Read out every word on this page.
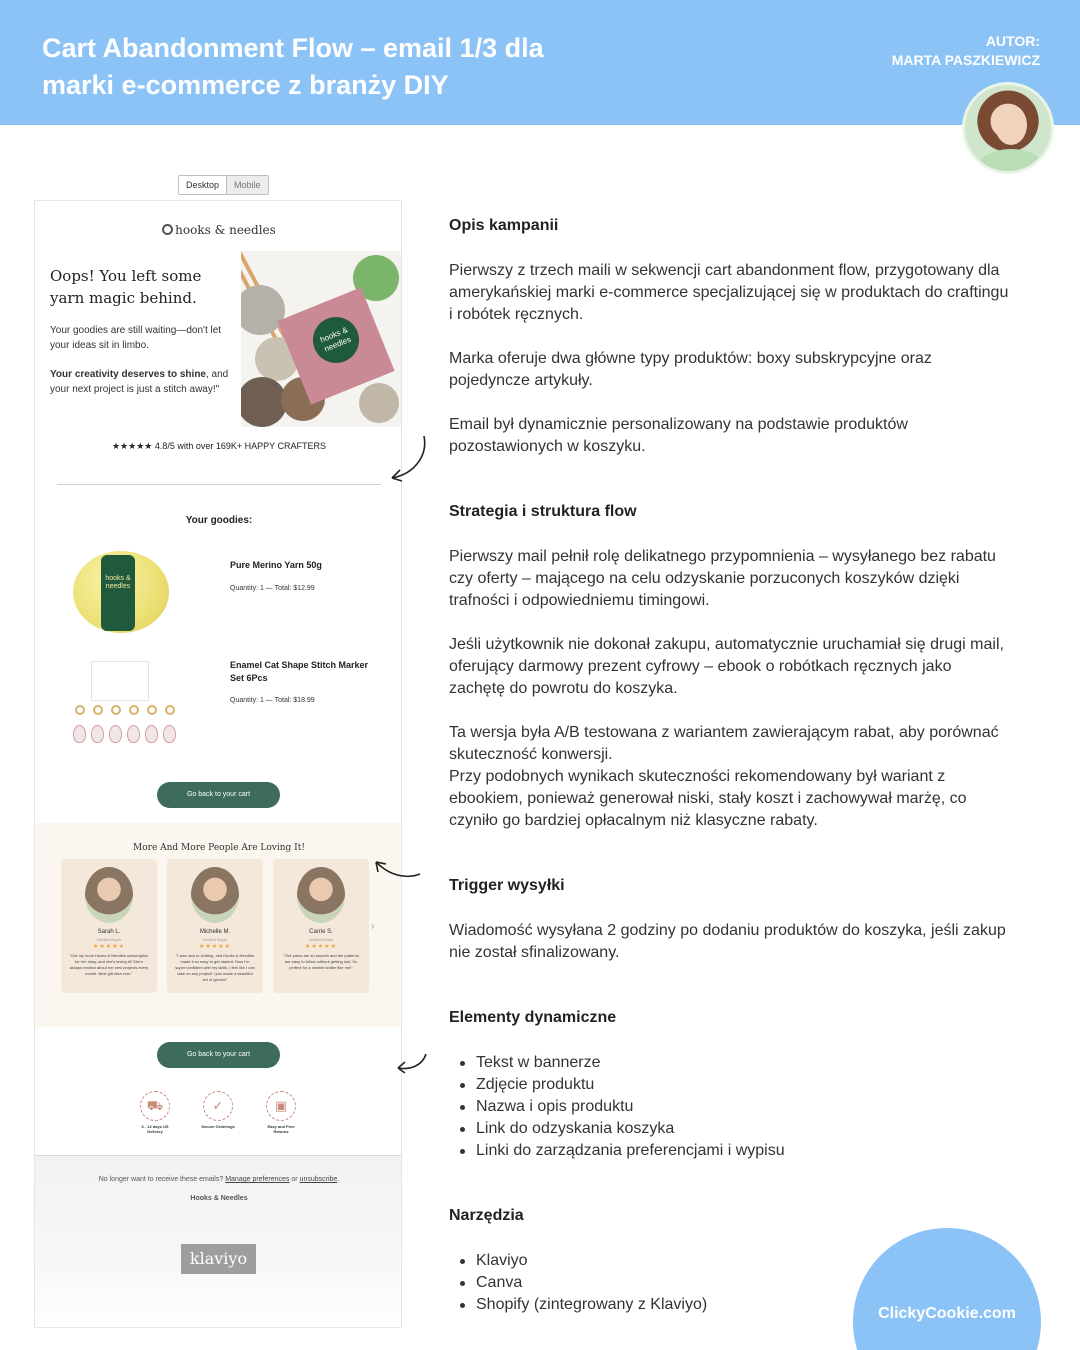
Cart Abandonment Flow – email 1/3 dla
marki e-commerce z branży DIY
AUTOR:
MARTA PASZKIEWICZ
Desktop	Mobile
hooks & needles
Oops! You left some yarn magic behind.
Your goodies are still waiting—don't let your ideas sit in limbo.
Your creativity deserves to shine, and your next project is just a stitch away!"
hooks & needles
★★★★★ 4.8/5 with over 169K+ HAPPY CRAFTERS
Your goodies:
hooks & needles
Pure Merino Yarn 50g
Quantity: 1 — Total: $12.99
Enamel Cat Shape Stitch Marker Set 6Pcs
Quantity: 1 — Total: $18.99
Go back to your cart
More And More People Are Loving It!
Sarah L.
Verified Buyer
★★★★★
"Got my mom Hooks & Needles subscription for her bday, and she's loving it!! She's always excited about her new projects every month. Best gift idea ever."
Michelle M.
Verified Buyer
★★★★★
"I was new to knitting, and Hooks & Needles made it so easy to get started. Now I'm super confident with my skills, I feel like I can take on any project! I just made a beautiful set of gloves!"
Carrie S.
Verified Buyer
★★★★★
"The yarns are so smooth and the patterns are easy to follow without getting lost. So perfect for a newbie knitter like me!"
›
Go back to your cart
⛟
6 - 12 days US Delivery
✓
Secure Orderings
▣
Easy and Free Returns
No longer want to receive these emails? Manage preferences or unsubscribe.
Hooks & Needles
klaviyo
Opis kampanii
Pierwszy z trzech maili w sekwencji cart abandonment flow, przygotowany dla amerykańskiej marki e-commerce specjalizującej się w produktach do craftingu i robótek ręcznych.
Marka oferuje dwa główne typy produktów: boxy subskrypcyjne oraz pojedyncze artykuły.
Email był dynamicznie personalizowany na podstawie produktów pozostawionych w koszyku.
Strategia i struktura flow
Pierwszy mail pełnił rolę delikatnego przypomnienia – wysyłanego bez rabatu czy oferty – mającego na celu odzyskanie porzuconych koszyków dzięki trafności i odpowiedniemu timingowi.
Jeśli użytkownik nie dokonał zakupu, automatycznie uruchamiał się drugi mail, oferujący darmowy prezent cyfrowy – ebook o robótkach ręcznych jako zachętę do powrotu do koszyka.
Ta wersja była A/B testowana z wariantem zawierającym rabat, aby porównać skuteczność konwersji.
Przy podobnych wynikach skuteczności rekomendowany był wariant z ebookiem, ponieważ generował niski, stały koszt i zachowywał marżę, co czyniło go bardziej opłacalnym niż klasyczne rabaty.
Trigger wysyłki
Wiadomość wysyłana 2 godziny po dodaniu produktów do koszyka, jeśli zakup nie został sfinalizowany.
Elementy dynamiczne
Tekst w bannerze
Zdjęcie produktu
Nazwa i opis produktu
Link do odzyskania koszyka
Linki do zarządzania preferencjami i wypisu
Narzędzia
Klaviyo
Canva
Shopify (zintegrowany z Klaviyo)
ClickyCookie.com
